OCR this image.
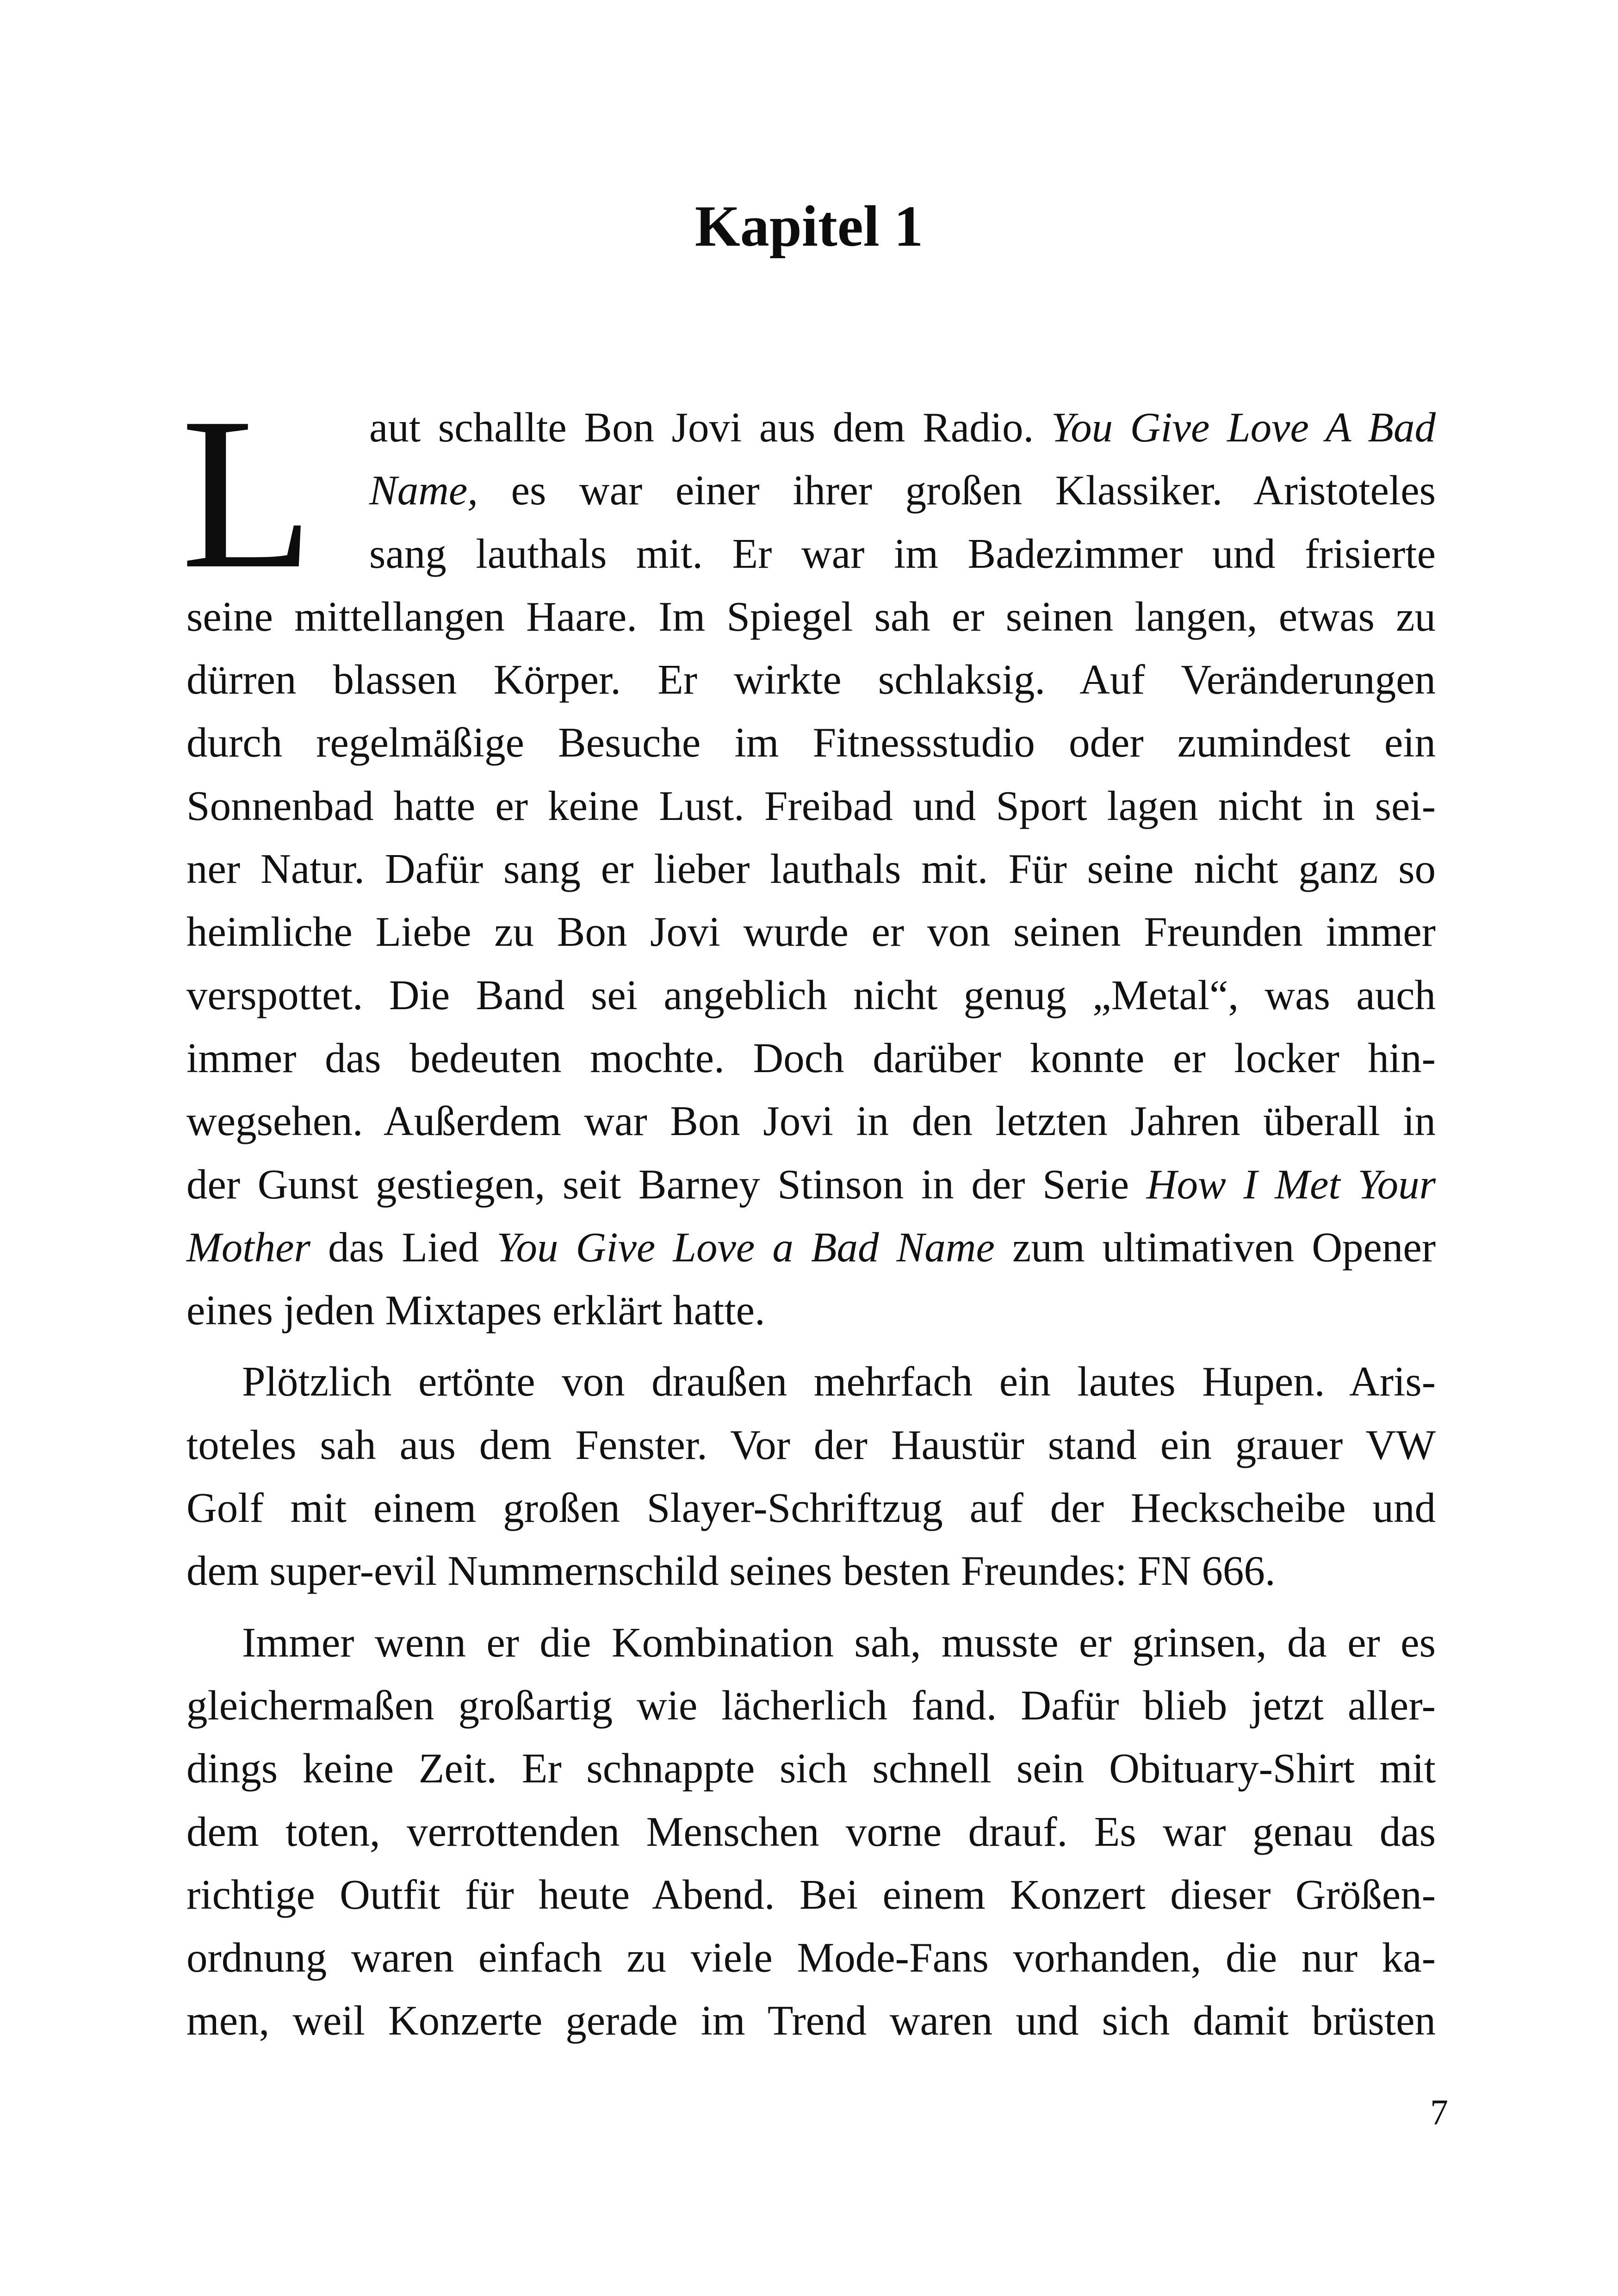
Kapitel 1
L aut schallte Bon Jovi aus dem Radio. You Give Love A Bad
Name, es war einer ihrer großen Klassiker. Aristoteles
sang lauthals mit. Er war im Badezimmer und frisierte
seine mittellangen Haare. Im Spiegel sah er seinen langen, etwas zu
dürren blassen Körper. Er wirkte schlaksig. Auf Veränderungen
durch regelmäßige Besuche im Fitnessstudio oder zumindest ein
Sonnenbad hatte er keine Lust. Freibad und Sport lagen nicht in sei-
ner Natur. Dafür sang er lieber lauthals mit. Für seine nicht ganz so
heimliche Liebe zu Bon Jovi wurde er von seinen Freunden immer
verspottet. Die Band sei angeblich nicht genug „Metal“, was auch
immer das bedeuten mochte. Doch darüber konnte er locker hin-
wegsehen. Außerdem war Bon Jovi in den letzten Jahren überall in
der Gunst gestiegen, seit Barney Stinson in der Serie How I Met Your
Mother das Lied You Give Love a Bad Name zum ultimativen Opener
eines jeden Mixtapes erklärt hatte.
Plötzlich ertönte von draußen mehrfach ein lautes Hupen. Aris-
toteles sah aus dem Fenster. Vor der Haustür stand ein grauer VW
Golf mit einem großen Slayer-Schriftzug auf der Heckscheibe und
dem super-evil Nummernschild seines besten Freundes: FN 666.
Immer wenn er die Kombination sah, musste er grinsen, da er es
gleichermaßen großartig wie lächerlich fand. Dafür blieb jetzt aller-
dings keine Zeit. Er schnappte sich schnell sein Obituary-Shirt mit
dem toten, verrottenden Menschen vorne drauf. Es war genau das
richtige Outfit für heute Abend. Bei einem Konzert dieser Größen-
ordnung waren einfach zu viele Mode-Fans vorhanden, die nur ka-
men, weil Konzerte gerade im Trend waren und sich damit brüsten
7
